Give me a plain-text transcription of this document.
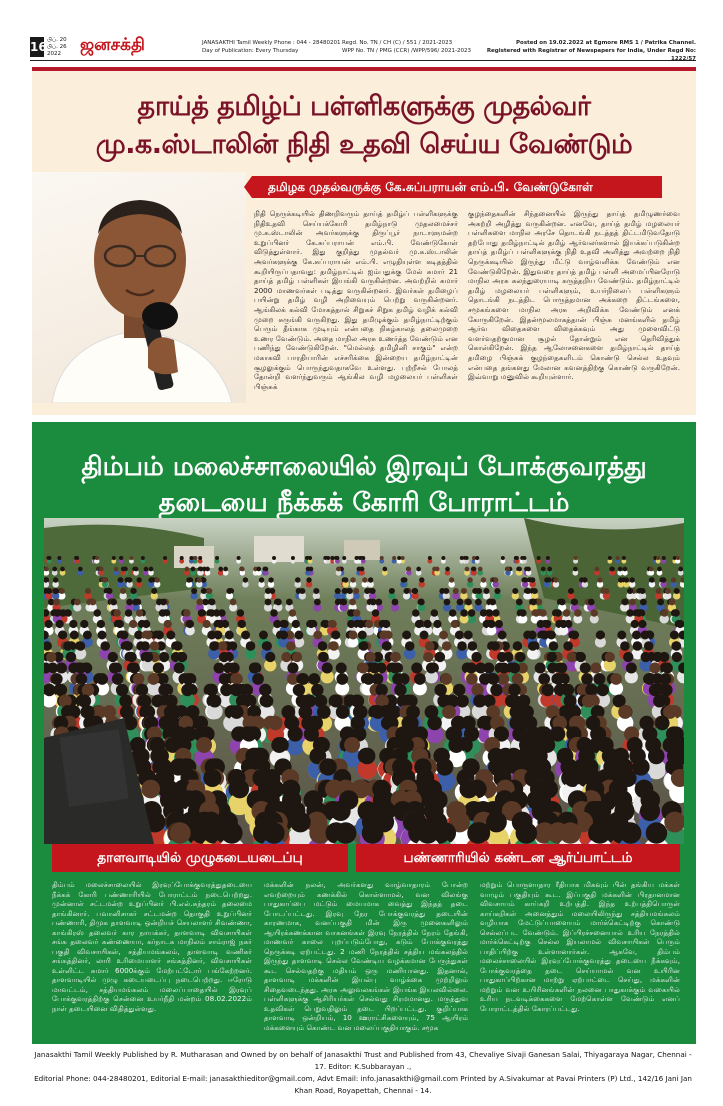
16 பிப். 20
பிப். 26
2022	ஜனசக்தி	JANASAKTHI Tamil Weekly Phone : 044 - 28480201
Day of Publication: Every Thursday
Regd. No. TN / CH (C) / 551 / 2021-2023
WPP No. TN / PMG (CCR) /WPP/596/ 2021-2023
Posted on 19.02.2022 at Egmore RMS 1 / Patrika Channel.
Registered with Registrar of Newspapers for India, Under Regd No: 1222/57
தாய்த் தமிழ்ப் பள்ளிகளுக்கு முதல்வர்
மு.க.ஸ்டாலின் நிதி உதவி செய்ய வேண்டும்
தமிழக முதல்வருக்கு கே.சுப்பராயன் எம்.பி. வேண்டுகோள்
நிதி நெருக்கடியில் திணறிவரும் தாய்த் தமிழ்ப் பள்ளிகளுக்கு நிதிஉதவி செய்யக்கோரி தமிழ்நாடு முதலமைச்சர் மு.க.ஸ்டாலின் அவர்களுக்கு திருப்பூர் நாடாளுமன்ற உறுப்பினர் கே.சுப்பராயன் எம்.பி. வேண்டுகோள் விடுத்துள்ளார். இது குறித்து முதல்வர் மு.க.ஸ்டாலின் அவர்களுக்கு கே.சுப்பராயன் எம்.பி. எழுதியுள்ள கடிதத்தில் கூறியிருப்பதாவது: தமிழ்நாட்டில் ஐம்பதுக்கு மேல் சுமார் 21 தாய்த் தமிழ் பள்ளிகள் இயங்கி வருகின்றன. அவற்றில் சுமார் 2000 மாணவர்கள் படித்து வருகின்றனர். இவர்கள் தமிழைப் பயின்று தமிழ் வழி அறிவையும் பெற்று வருகின்றனர். ஆங்கிலக் கல்வி மோகத்தால் சிறுகச் சிறுக தமிழ் வழிக் கல்வி முறை சுருங்கி வருகிறது. இது தமிழுக்கும் தமிழ்நாட்டிற்கும் பெரும் தீங்காக முடியும் என்பதை நிகழ்காலத் தலைமுறை உணர வேண்டும். அதை மாநில அரசு உணர்த்த வேண்டும் என பணிந்து வேண்டுகிறேன். "மெல்லத் தமிழினி சாகும்" என்ற மகாகவி பாரதியாரின் எச்சரிக்கை இன்றைய தமிழ்நாட்டின் சூழலுக்கும் பொருந்துவதாகவே உள்ளது. புற்றீசல் போலத் தோன்றி வளர்ந்துவரும் ஆங்கில வழி மழலையர் பள்ளிகள் பிஞ்சுக்
குழந்தைகளின் சிந்தனையில் இருந்து தாய்த் தமிழுணர்வை அகற்றி அழித்து வருகின்றன. எனவே, தாய்த் தமிழ் மழலையர் பள்ளிகளை மாநில அரசே தொடங்கி நடத்தத் திட்டமிடுவதோடு தற்போது தமிழ்நாட்டில் தமிழ் ஆர்வலர்களால் இயக்கப்படுகின்ற தாய்த் தமிழ்ப் பள்ளிகளுக்கு நிதி உதவி அளித்து அவற்றை நிதி நெருக்கடியில் இருந்து மீட்டு வாழ்வளிக்க வேண்டும் என வேண்டுகிறேன். இதுவரை தாய்த் தமிழ் பள்ளி அமைப்பினரோடு மாநில அரசு கலந்துரையாடி கருத்தறிய வேண்டும். தமிழ்நாட்டில் தமிழ் மழலையர் பள்ளிகளும், உயர்நிலைப் பள்ளிகளும் தொடங்கி நடத்திட பொருத்தமான அக்கறை திட்டங்களை, சமூகங்களை மாநில அரசு அறிவிக்க வேண்டும் எனக் கோருகிறேன். இதன்மூலமாகத்தான் பிஞ்சு மனங்களில் தமிழ் ஆர்வ விதைகளை விதைக்கவும் அது முளைவிட்டு வளர்வதற்குமான சூழல் தோன்றும் என தெரிவித்துக் கொள்கிறேன். இந்த ஆலோசனைகளை தமிழ்நாட்டில் தாய்த் தமிழை பிஞ்சுக் குழந்தைகளிடம் கொண்டு செல்ல உதவும் என்பதை தங்களது மேலான கவனத்திற்கு கொண்டு வருகிறேன். இவ்வாறு மனுவில் கூறியுள்ளார்.
திம்பம் மலைச்சாலையில் இரவுப் போக்குவரத்து
தடையை நீக்கக் கோரி போராட்டம்
தாளவாடியில் முழுகடையடைப்பு	பண்ணாரியில் கண்டன ஆர்ப்பாட்டம்
திம்பம் மலைச்சாலையில் இரவுப்போக்குவரத்துதடையை நீக்கக் கோரி பண்ணாரியில் போராட்டம் நடைபெற்றது. முன்னாள் சட்டமன்ற உறுப்பினர் பி.எல்.சுந்தரம் தலைமை தாங்கினார். பவானிசாகர் சட்டமன்ற தொகுதி உறுப்பினர் பண்ணாரி, திமுக தாளவாடி ஒன்றியச் செயலாளர் சிவண்ணா, காங்கிரஸ் தலைவர் கார நாயக்கர், தாளவாடி விவசாயிகள் சங்க தலைவர் கண்ணையா, கர்நாடக மாநிலம் சாம்ராஜ் நகர் பகுதி விவசாயிகள், சத்தியமங்கலம், தாளவாடி வணிகர் சங்கத்தினர், லாரி உரிமையாளர் சங்கத்தினர், விவசாயிகள் உள்ளிட்ட சுமார் 6000க்கும் மேற்பட்டோர் பங்கேற்றனர். தாளவாடியில் முழு கடையடைப்பு நடைபெற்றது. ஈரோடு மாவட்டம், சத்தியமங்கலம் மலைப்பாதையில் இரவுப் போக்குவரத்திற்கு சென்னை உயர்நீதி மன்றம் 08.02.2022ம் நாள் தடையினை விதித்துள்ளது.
மக்களின் நலன், அவர்களது வாழ்வாதாரம் போன்ற எவற்றையும் கணக்கில் கொள்ளாமல், வன விலங்கு பாதுகாப்பை மட்டும் மையமாக வைத்து இந்தத் தடை போடப்பட்டது. இரவு நேர போக்குவரத்து தடையின் காரணமாக, வனப்பகுதி மின் இரு முனைகளிலும் ஆயிரக்கணக்கான வாகனங்கள் இரவு நேரத்தில் நேரம் தேங்கி, மாணவர் காலை புறப்படும்போது, கடும் போக்குவரத்து நெருக்கடி ஏற்பட்டது. 2 மணி நேரத்தில் சத்திய மங்கலத்தில் இருந்து தாளவாடி செல்ல வேண்டிய வழக்கமான பேருந்துகள் கூட செல்வதற்கு மதியம் ஒரு மணியானது. இதனால், தாளவாடி மக்களின் இயல்பு வாழ்க்கை முற்றிலும் சிதைவடைந்தது. அரசு அலுவலகங்கள் இயங்க இயலவில்லை. பள்ளிகளுக்கு ஆசிரியர்கள் செல்வது சிரமமானது. மருத்துவ உதவிகள் பெறுவதிலும் தடை பிறப்பட்டது. குறிப்பாக தாளவாடி ஒன்றியம், 10 ஊராட்சிகளையும், 75 ஆயிரம் மக்களையும் கொண்ட வன மலைப்பகுதியாகும். சமூக
மற்றும் பொருளாதார ரீதியாக மிகவும் பின் தங்கிய மக்கள் வாழும் பகுதியும் கூட. இப்பகுதி மக்களின் பிரதானமான விவசாயம் காய்கறி உற்பத்தி. இந்த உற்பத்திபொருள் காய்கறிகள் அனைத்தும் மலையிலிருந்து சத்தியமங்கலம் வழியாக மேட்டுப்பாளையம் மார்க்கெட்டிற்கு கொண்டு செல்லப்பட வேண்டும். இப்பிரச்சனையால் உரிய நேரத்தில் மார்க்கெட்டிற்கு செல்ல இயலாமல் விவசாயிகள் பெரும் பாதிப்பிற்கு உள்ளானார்கள். ஆகவே, திம்பம் மலைச்சாலையில் இரவுப்போக்குவரத்து தடையை நீக்கவும், போக்குவரத்தை தடை செய்யாமல் வன உயிரின பாதுகாப்பிற்கான மாற்று ஏற்பாட்டை செய்து, மக்களின் மற்றும் வன உயிரினங்களின் நலனை பாதுகாக்கும் வகையில் உரிய நடவடிக்கைகளை மேற்கொள்ள வேண்டும் எனப் போராட்டத்தில் கோரப்பட்டது.
Janasakthi Tamil Weekly Published by R. Mutharasan and Owned by on behalf of Janasakthi Trust and Published from 43, Chevaliye Sivaji Ganesan Salai, Thiyagaraya Nagar, Chennai - 17. Editor: K.Subbarayan .,
Editorial Phone: 044-28480201, Editorial E-mail: janasakthieditor@gmail.com, Advt Email: info.janasakthi@gmail.com Printed by A.Sivakumar at Pavai Printers (P) Ltd., 142/16 Jani Jan Khan Road, Royapettah, Chennai - 14.
